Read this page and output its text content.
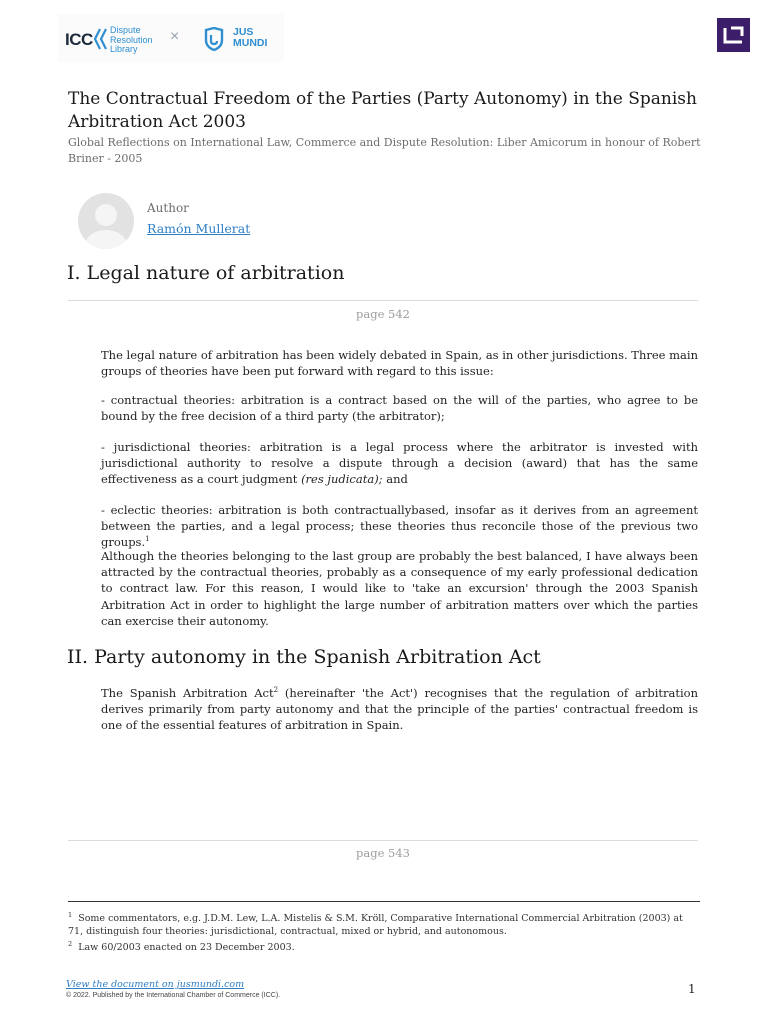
ICC Dispute
Resolution
Library
×	JUS
MUNDI
The Contractual Freedom of the Parties (Party Autonomy) in the Spanish Arbitration Act 2003
Global Reflections on International Law, Commerce and Dispute Resolution: Liber Amicorum in honour of Robert Briner - 2005
Author
Ramón Mullerat
I. Legal nature of arbitration
page 542
The legal nature of arbitration has been widely debated in Spain, as in other jurisdictions. Three main groups of theories have been put forward with regard to this issue:
- contractual theories: arbitration is a contract based on the will of the parties, who agree to be bound by the free decision of a third party (the arbitrator);
- jurisdictional theories: arbitration is a legal process where the arbitrator is invested with jurisdictional authority to resolve a dispute through a decision (award) that has the same effectiveness as a court judgment (res judicata); and
- eclectic theories: arbitration is both contractuallybased, insofar as it derives from an agreement between the parties, and a legal process; these theories thus reconcile those of the previous two groups.$^1$
Although the theories belonging to the last group are probably the best balanced, I have always been attracted by the contractual theories, probably as a consequence of my early professional dedication to contract law. For this reason, I would like to 'take an excursion' through the 2003 Spanish Arbitration Act in order to highlight the large number of arbitration matters over which the parties can exercise their autonomy.
II. Party autonomy in the Spanish Arbitration Act
The Spanish Arbitration Act$^2$ (hereinafter 'the Act') recognises that the regulation of arbitration derives primarily from party autonomy and that the principle of the parties' contractual freedom is one of the essential features of arbitration in Spain.
page 543
$^1$ Some commentators, e.g. J.D.M. Lew, L.A. Mistelis & S.M. Kröll, Comparative International Commercial Arbitration (2003) at 71, distinguish four theories: jurisdictional, contractual, mixed or hybrid, and autonomous.
$^2$ Law 60/2003 enacted on 23 December 2003.
View the document on jusmundi.com
© 2022. Published by the International Chamber of Commerce (ICC).	1
